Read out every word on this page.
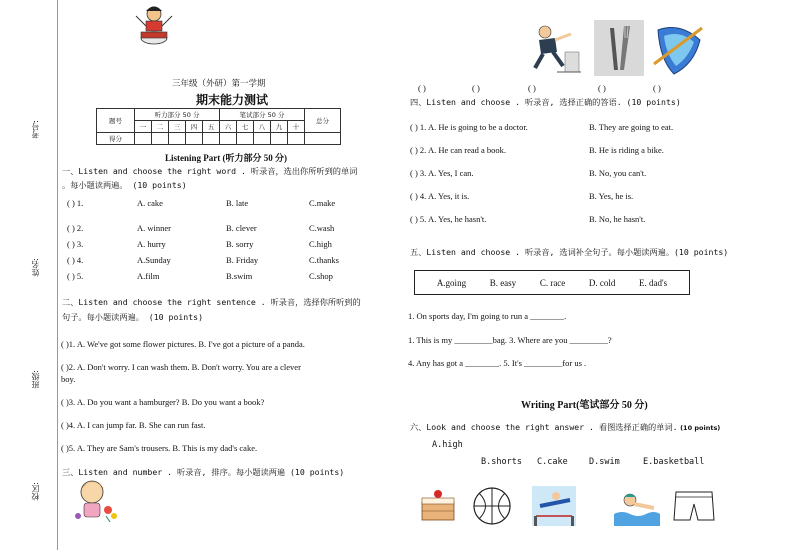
考号:
姓名:
班级:
校区:
三年级（外研）第一学期
期末能力测试
题号	听力部分 50 分					笔试部分 50 分					总分
	一	二	三	四	五	六	七	八	九	十	
得分											
Listening Part (听力部分 50 分)
一、Listen and choose the right word . 听录音，选出你所听到的单词
。每小题读两遍。 (10 points)
( ) 1.	A. cake	B. late	C.make
( ) 2.	A. winner	B. clever	C.wash
( ) 3.	A. hurry	B. sorry	C.high
( ) 4.	A.Sunday	B. Friday	C.thanks
( ) 5.	A.film	B.swim	C.shop
二、Listen and choose the right sentence . 听录音，选择你所听到的
句子。每小题读两遍。 (10 points)
( )1. A. We've got some flower pictures. B. I've got a picture of a panda.
( )2. A. Don't worry. I can wash them. B. Don't worry. You are a clever
boy.
( )3. A. Do you want a hamburger? B. Do you want a book?
( )4. A. I can jump far. B. She can run fast.
( )5. A. They are Sam's trousers. B. This is my dad's cake.
三、Listen and number . 听录音, 排序。每小题读两遍 (10 points)
( )	( )	( )	( )	( )
四、Listen and choose . 听录音, 选择正确的答语. (10 points)
( ) 1. A. He is going to be a doctor.	B. They are going to eat.
( ) 2. A. He can read a book.	B. He is riding a bike.
( ) 3. A. Yes, I can.	B. No, you can't.
( ) 4. A. Yes, it is.	B. Yes, he is.
( ) 5. A. Yes, he hasn't.	B. No, he hasn't.
五、Listen and choose . 听录音, 选词补全句子。每小题读两遍。(10 points)
A.going	B. easy	C. race	D. cold	E. dad's
1. On sports day, I'm going to run a ________.
1. This is my _________bag. 3. Where are you _________?
4. Any has got a ________. 5. It's _________for us .
Writing Part(笔试部分 50 分)
六、Look and choose the right answer . 看图选择正确的单词. (10 points)
A.high
B.shorts C.cake	D.swim	E.basketball
